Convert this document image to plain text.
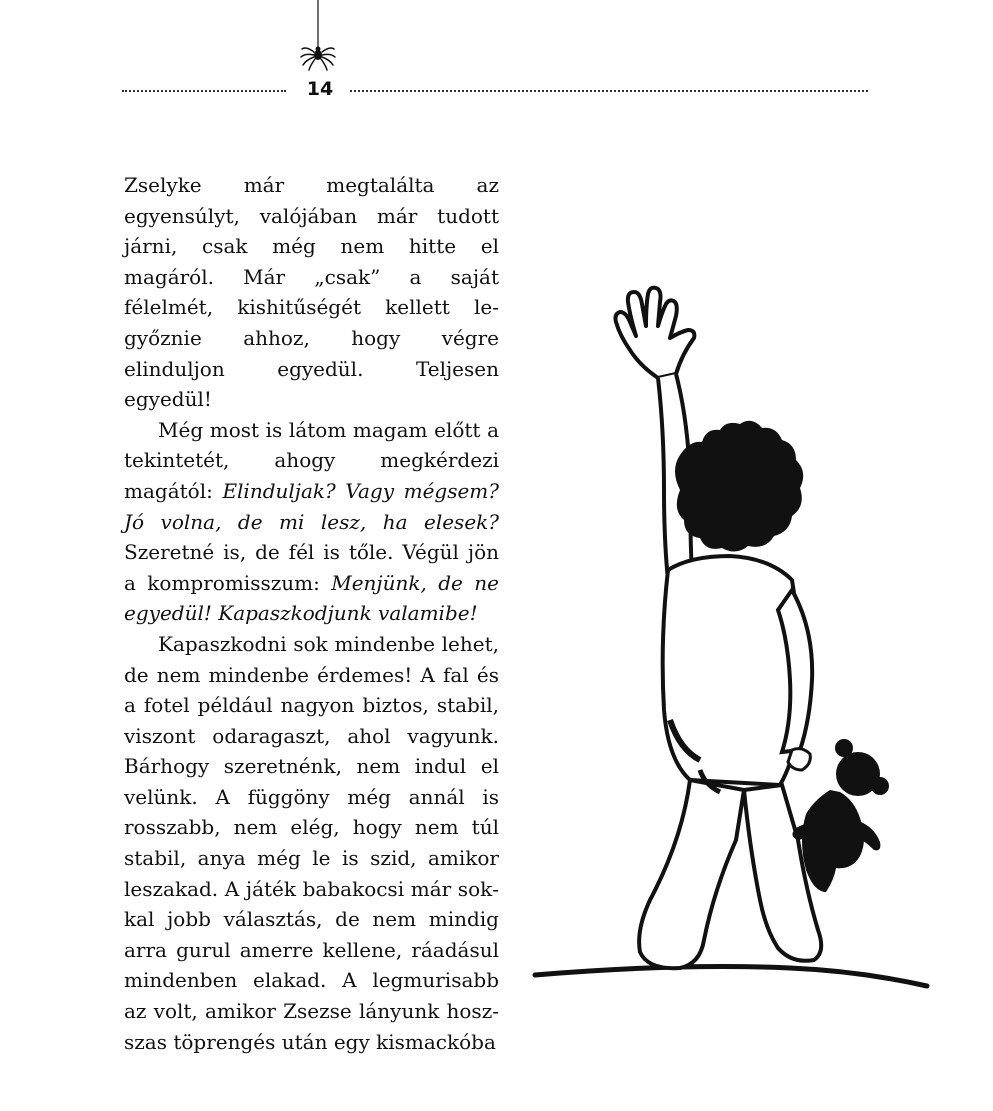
14

Zselyke már megtalálta az egyensúlyt, valójában már tudott járni, csak még nem hitte el magáról. Már „csak” a saját félelmét, kishitűségét kellett legyőznie ahhoz, hogy végre elinduljon egyedül. Teljesen egyedül!

Még most is látom magam előtt a tekintetét, ahogy megkérdezi magától: Elinduljak? Vagy mégsem? Jó volna, de mi lesz, ha elesek? Szeretné is, de fél is tőle. Végül jön a kompromisszum: Menjünk, de ne egyedül! Kapaszkodjunk valamibe!

Kapaszkodni sok mindenbe lehet, de nem mindenbe érdemes! A fal és a fotel például nagyon biztos, stabil, viszont odaragaszt, ahol vagyunk. Bárhogy szeretnénk, nem indul el velünk. A függöny még annál is rosszabb, nem elég, hogy nem túl stabil, anya még le is szid, amikor leszakad. A játék babakocsi már sokkal jobb választás, de nem mindig arra gurul amerre kellene, ráadásul mindenben elakad. A legmurisabb az volt, amikor Zsezse lányunk hoszszas töprengés után egy kismackóba
